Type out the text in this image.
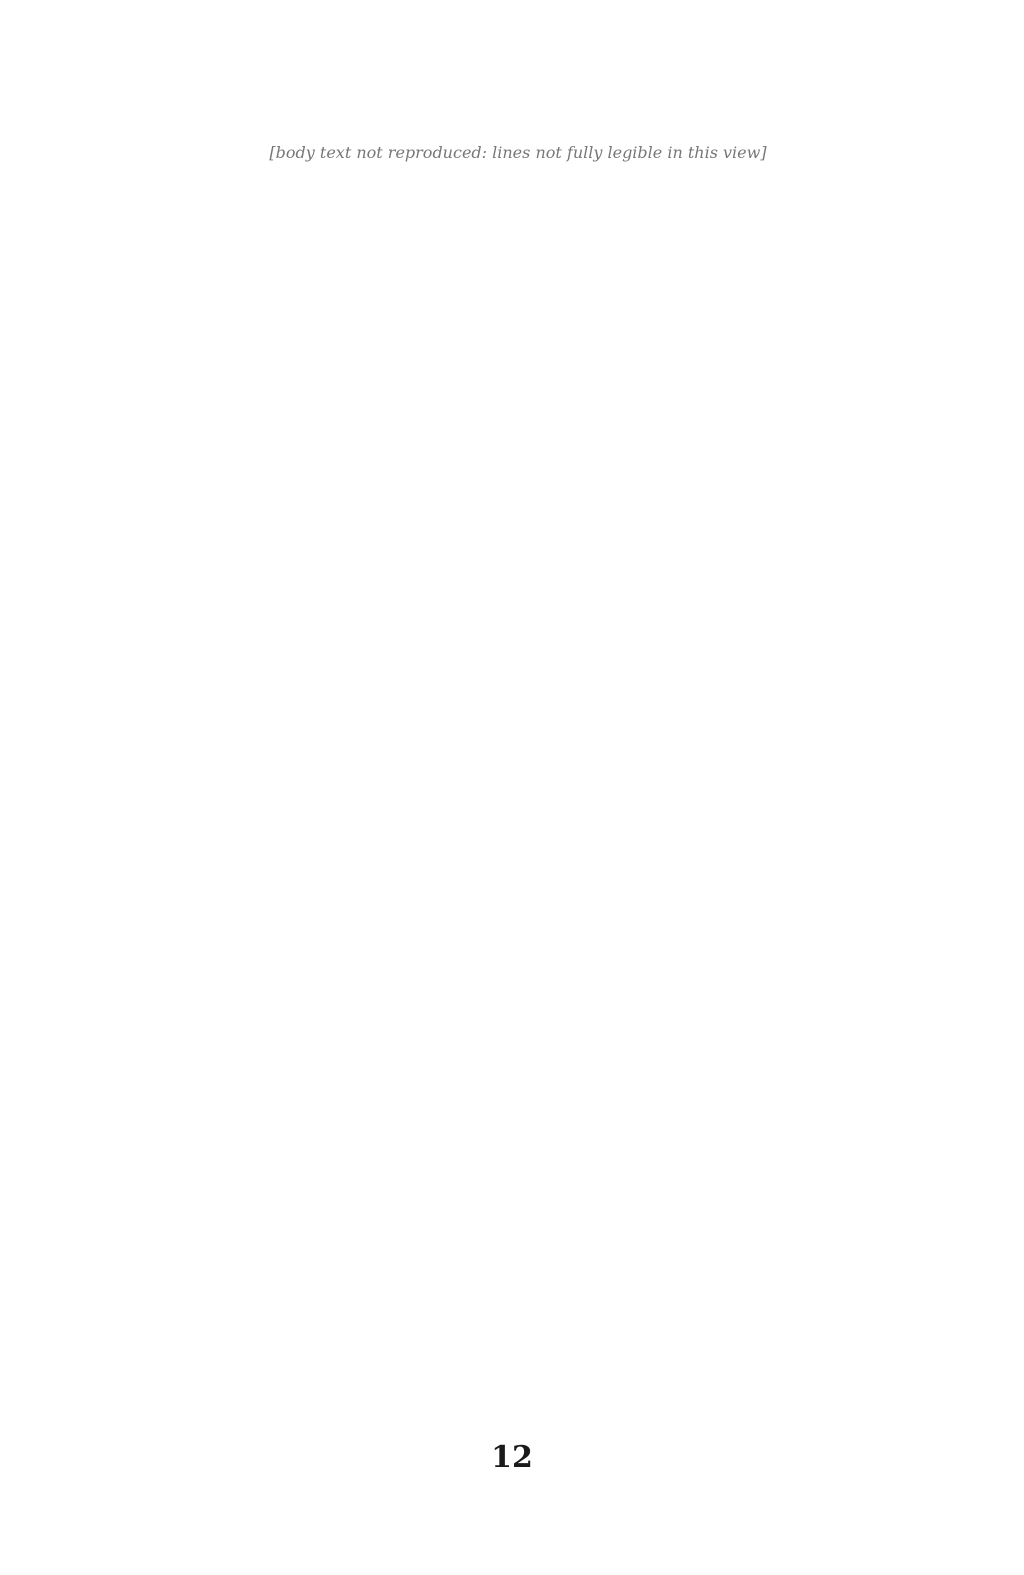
[body text not reproduced: lines not fully legible in this view]

12
